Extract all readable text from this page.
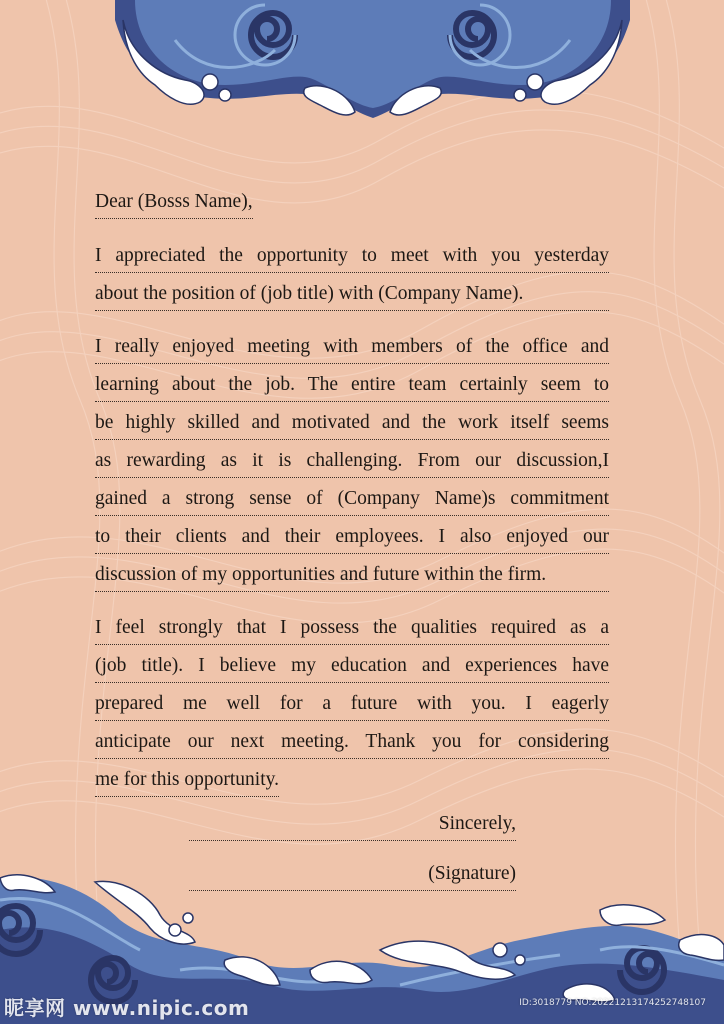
Dear (Bosss Name),
I appreciated the opportunity to meet with you yesterday
about the position of (job title) with (Company Name).
I really enjoyed meeting with members of the office and
learning about the job. The entire team certainly seem to
be highly skilled and motivated and the work itself seems
as rewarding as it is challenging. From our discussion,I
gained a strong sense of (Company Name)s commitment
to their clients and their employees. I also enjoyed our
discussion of my opportunities and future within the firm.
I feel strongly that I possess the qualities required as a
(job title). I believe my education and experiences have
prepared me well for a future with you. I eagerly
anticipate our next meeting. Thank you for considering
me for this opportunity.
Sincerely,
(Signature)
昵享网 www.nipic.com	ID:3018779 NO:20221213174252748107
